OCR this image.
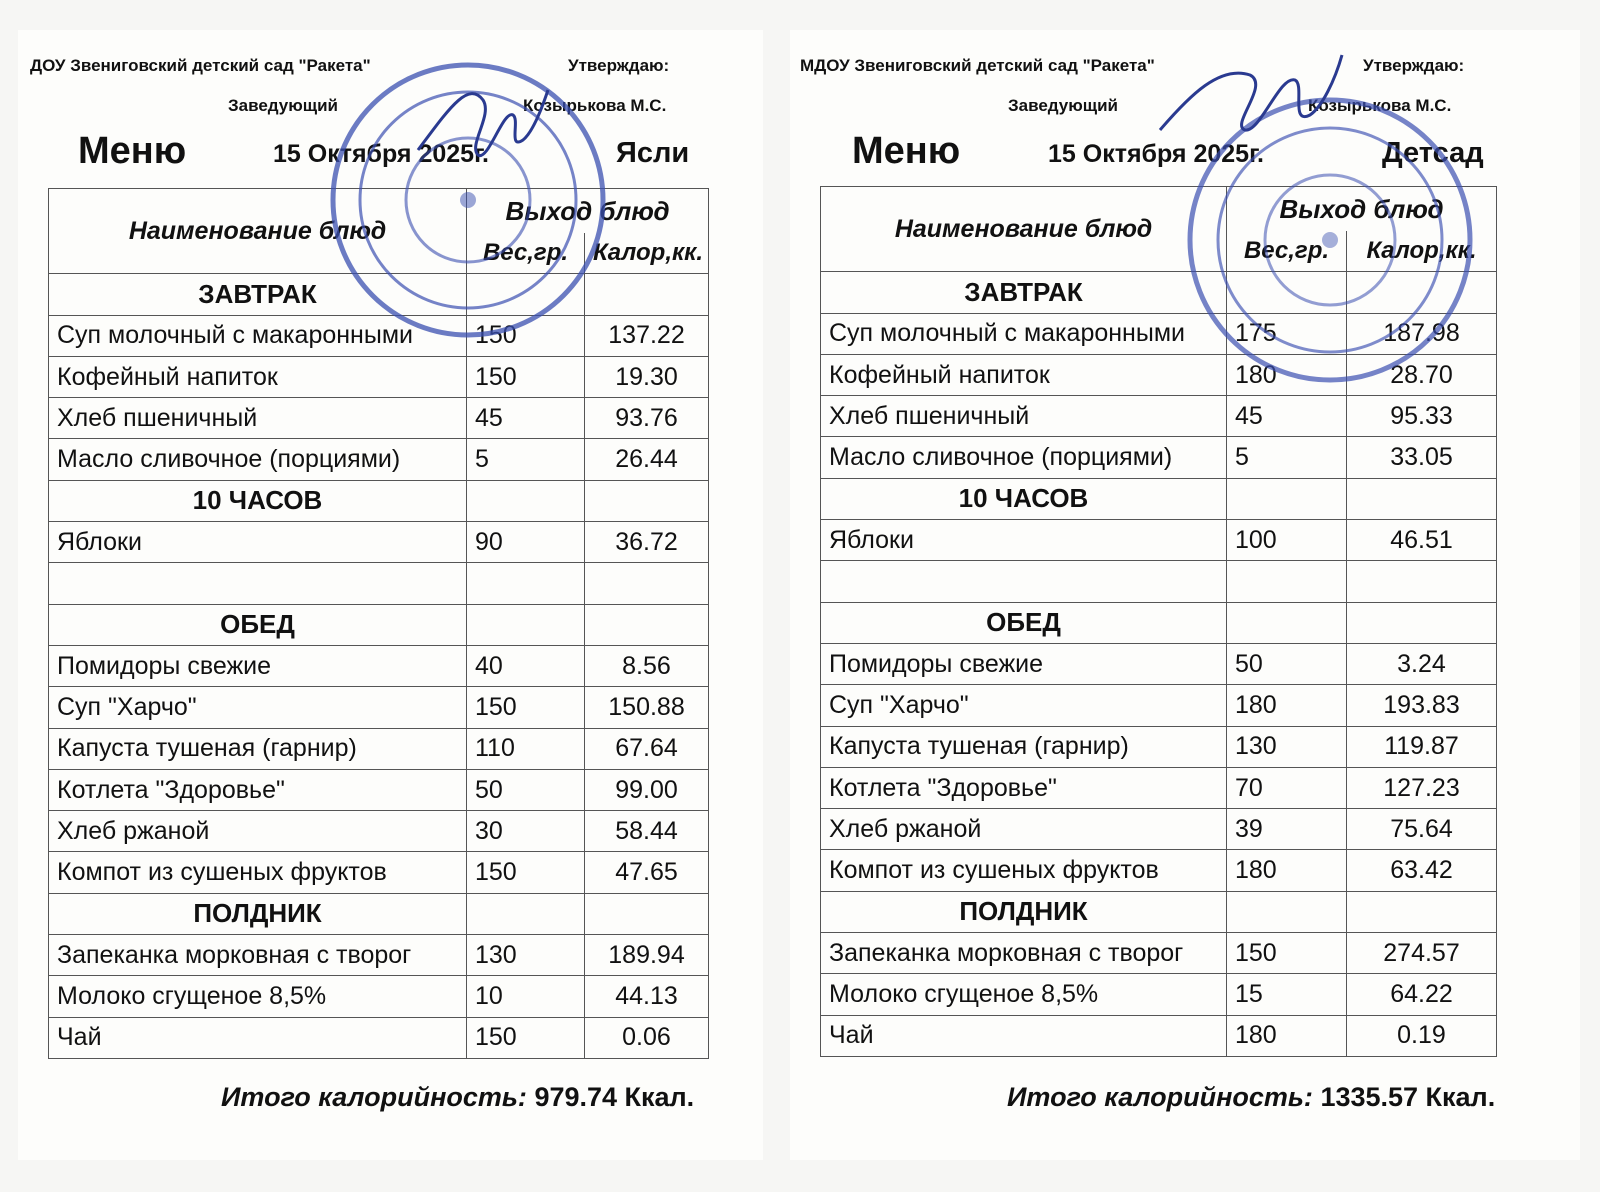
ДОУ Звениговский детский сад "Ракета"	Утверждаю:
Заведующий	Козырькова М.С.
Меню	15 Октября 2025г.	Ясли
Наименование блюд	Выход блюд	
	Вес,гр.	Калор,кк.
ЗАВТРАК		
Суп молочный с макаронными	150	137.22
Кофейный напиток	150	19.30
Хлеб пшеничный	45	93.76
Масло сливочное (порциями)	5	26.44
10 ЧАСОВ		
Яблоки	90	36.72

ОБЕД		
Помидоры свежие	40	8.56
Суп "Харчо"	150	150.88
Капуста тушеная (гарнир)	110	67.64
Котлета "Здоровье"	50	99.00
Хлеб ржаной	30	58.44
Компот из сушеных фруктов	150	47.65
ПОЛДНИК		
Запеканка морковная с творог	130	189.94
Молоко сгущеное 8,5%	10	44.13
Чай	150	0.06
Итого калорийность: 979.74 Ккал.
МДОУ Звениговский детский сад "Ракета"	Утверждаю:
Заведующий	Козырькова М.С.
Меню	15 Октября 2025г.	Детсад
Наименование блюд	Выход блюд	
	Вес,гр.	Калор,кк.
ЗАВТРАК		
Суп молочный с макаронными	175	187.98
Кофейный напиток	180	28.70
Хлеб пшеничный	45	95.33
Масло сливочное (порциями)	5	33.05
10 ЧАСОВ		
Яблоки	100	46.51

ОБЕД		
Помидоры свежие	50	3.24
Суп "Харчо"	180	193.83
Капуста тушеная (гарнир)	130	119.87
Котлета "Здоровье"	70	127.23
Хлеб ржаной	39	75.64
Компот из сушеных фруктов	180	63.42
ПОЛДНИК		
Запеканка морковная с творог	150	274.57
Молоко сгущеное 8,5%	15	64.22
Чай	180	0.19
Итого калорийность: 1335.57 Ккал.
